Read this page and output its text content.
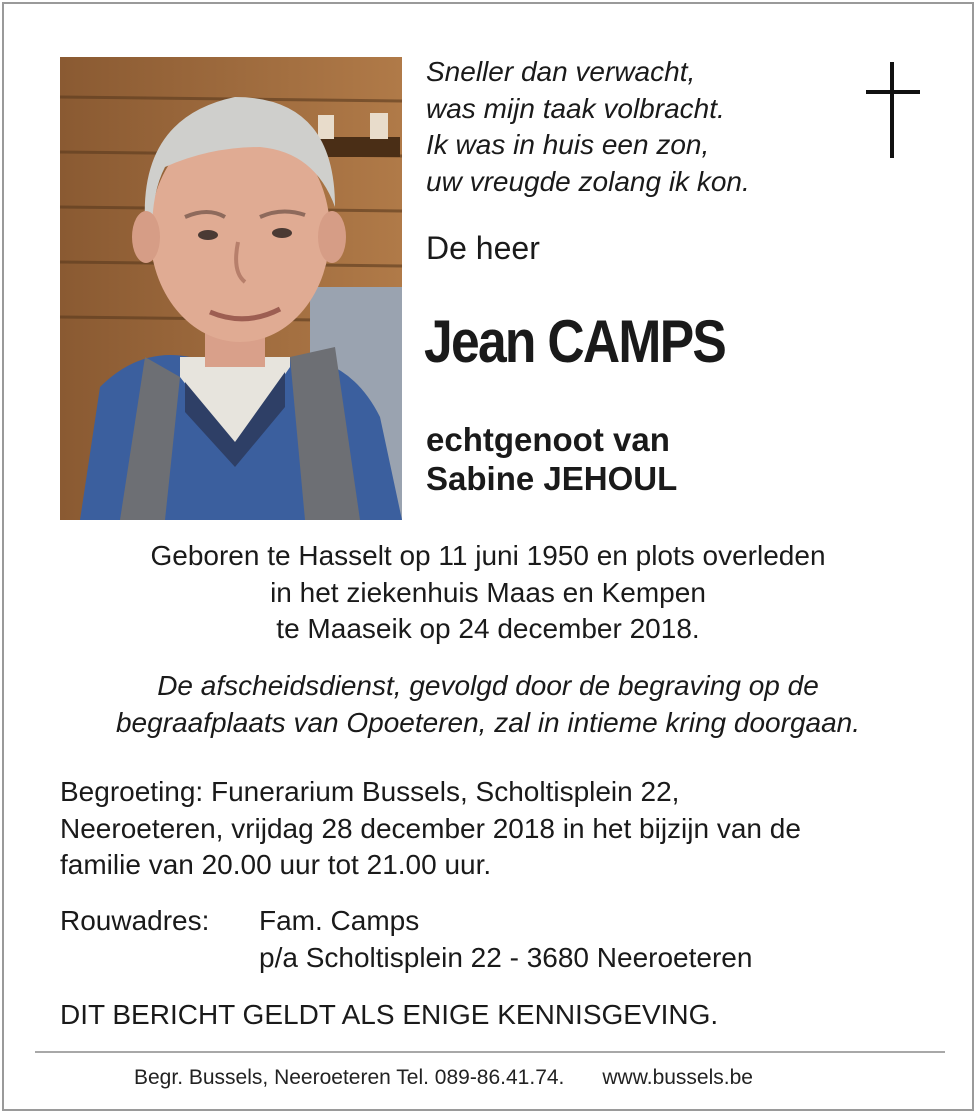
Sneller dan verwacht,
was mijn taak volbracht.
Ik was in huis een zon,
uw vreugde zolang ik kon.
De heer
Jean CAMPS
echtgenoot van
Sabine JEHOUL
Geboren te Hasselt op 11 juni 1950 en plots overleden
in het ziekenhuis Maas en Kempen
te Maaseik op 24 december 2018.
De afscheidsdienst, gevolgd door de begraving op de
begraafplaats van Opoeteren, zal in intieme kring doorgaan.
Begroeting: Funerarium Bussels, Scholtisplein 22,
Neeroeteren, vrijdag 28 december 2018 in het bijzijn van de
familie van 20.00 uur tot 21.00 uur.
Rouwadres: Fam. Camps
p/a Scholtisplein 22 - 3680 Neeroeteren
DIT BERICHT GELDT ALS ENIGE KENNISGEVING.
Begr. Bussels, Neeroeteren Tel. 089-86.41.74. www.bussels.be
